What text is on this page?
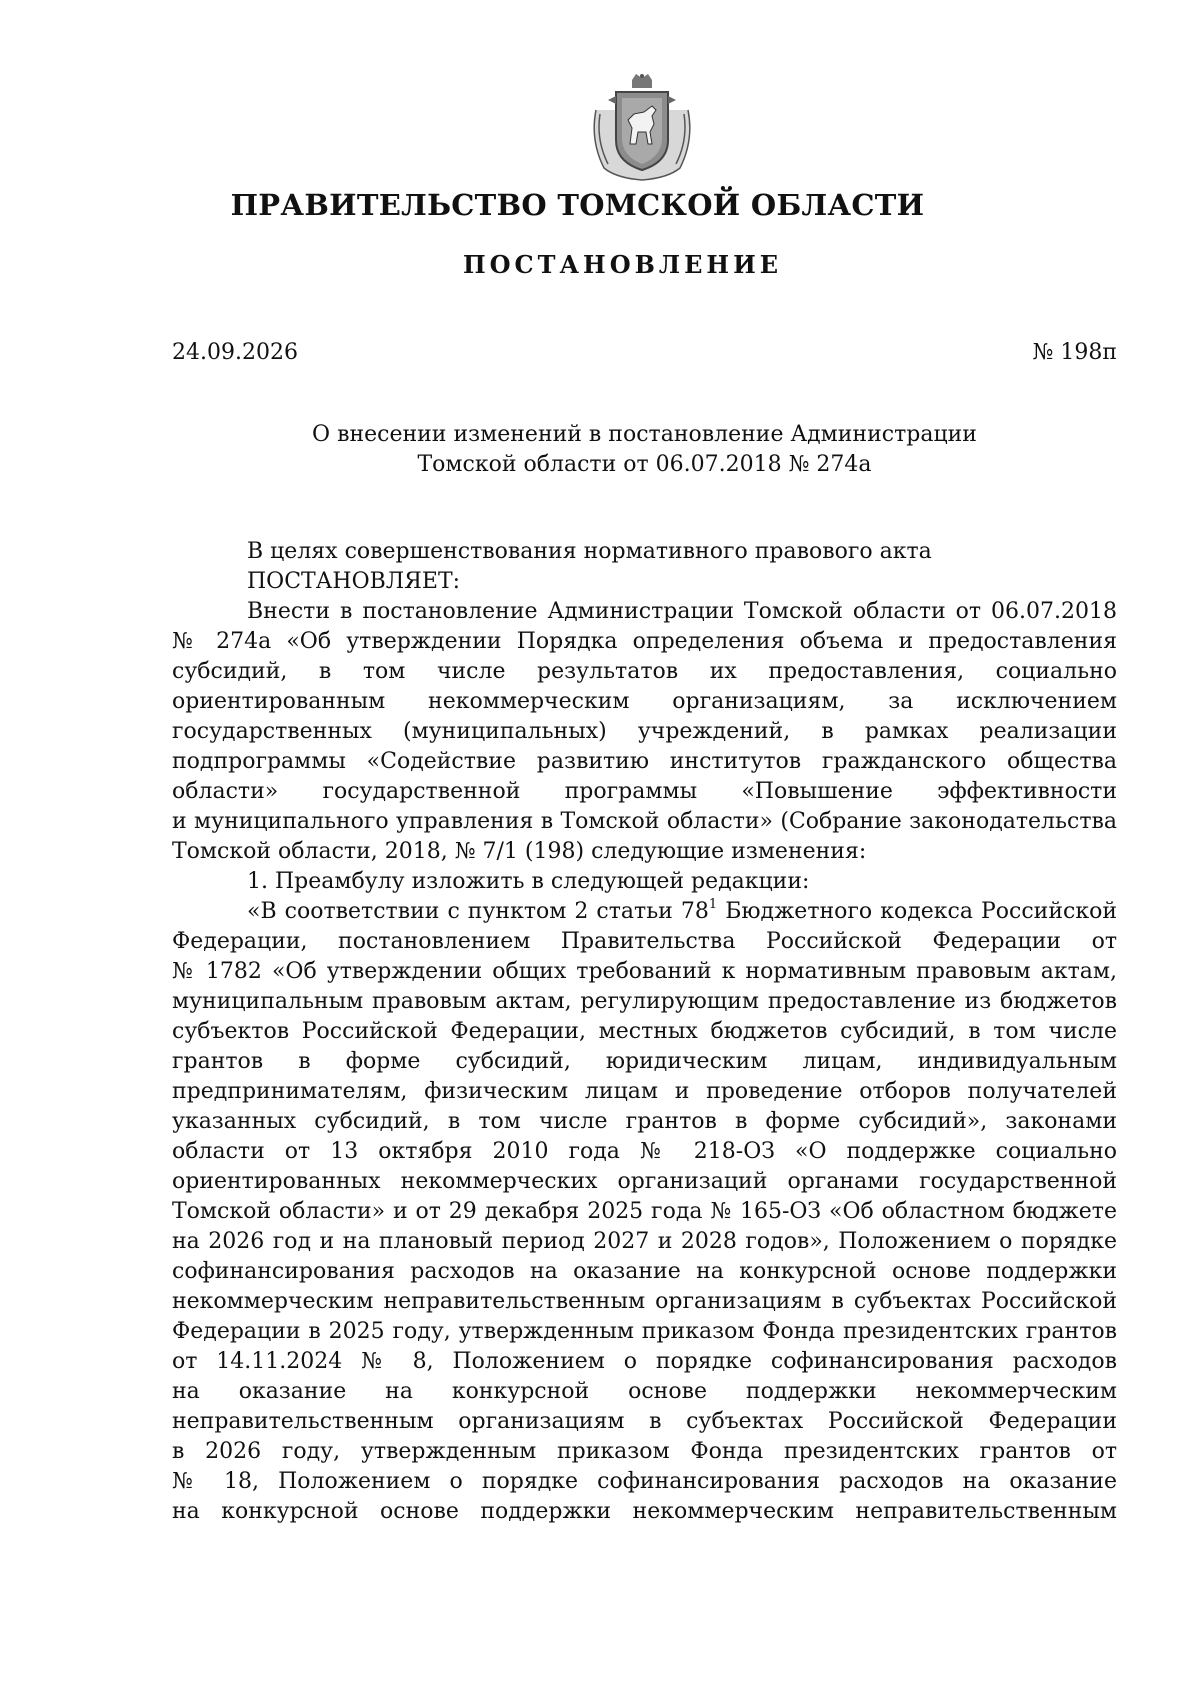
ПРАВИТЕЛЬСТВО ТОМСКОЙ ОБЛАСТИ
ПОСТАНОВЛЕНИЕ
24.09.2026	№ 198п

О внесении изменений в постановление Администрации
Томской области от 06.07.2018 № 274а

В целях совершенствования нормативного правового акта
ПОСТАНОВЛЯЕТ:
Внести в постановление Администрации Томской области от 06.07.2018
№ 274а «Об утверждении Порядка определения объема и предоставления
субсидий, в том числе результатов их предоставления, социально
ориентированным некоммерческим организациям, за исключением
государственных (муниципальных) учреждений, в рамках реализации
подпрограммы «Содействие развитию институтов гражданского общества
области» государственной программы «Повышение эффективности
и муниципального управления в Томской области» (Собрание законодательства
Томской области, 2018, № 7/1 (198) следующие изменения:
1. Преамбулу изложить в следующей редакции:
«В соответствии с пунктом 2 статьи $78^1$ Бюджетного кодекса Российской
Федерации, постановлением Правительства Российской Федерации от
№ 1782 «Об утверждении общих требований к нормативным правовым актам,
муниципальным правовым актам, регулирующим предоставление из бюджетов
субъектов Российской Федерации, местных бюджетов субсидий, в том числе
грантов в форме субсидий, юридическим лицам, индивидуальным
предпринимателям, физическим лицам и проведение отборов получателей
указанных субсидий, в том числе грантов в форме субсидий», законами
области от 13 октября 2010 года № 218-ОЗ «О поддержке социально
ориентированных некоммерческих организаций органами государственной
Томской области» и от 29 декабря 2025 года № 165-ОЗ «Об областном бюджете
на 2026 год и на плановый период 2027 и 2028 годов», Положением о порядке
софинансирования расходов на оказание на конкурсной основе поддержки
некоммерческим неправительственным организациям в субъектах Российской
Федерации в 2025 году, утвержденным приказом Фонда президентских грантов
от 14.11.2024 № 8, Положением о порядке софинансирования расходов
на оказание на конкурсной основе поддержки некоммерческим
неправительственным организациям в субъектах Российской Федерации
в 2026 году, утвержденным приказом Фонда президентских грантов от
№ 18, Положением о порядке софинансирования расходов на оказание
на конкурсной основе поддержки некоммерческим неправительственным
